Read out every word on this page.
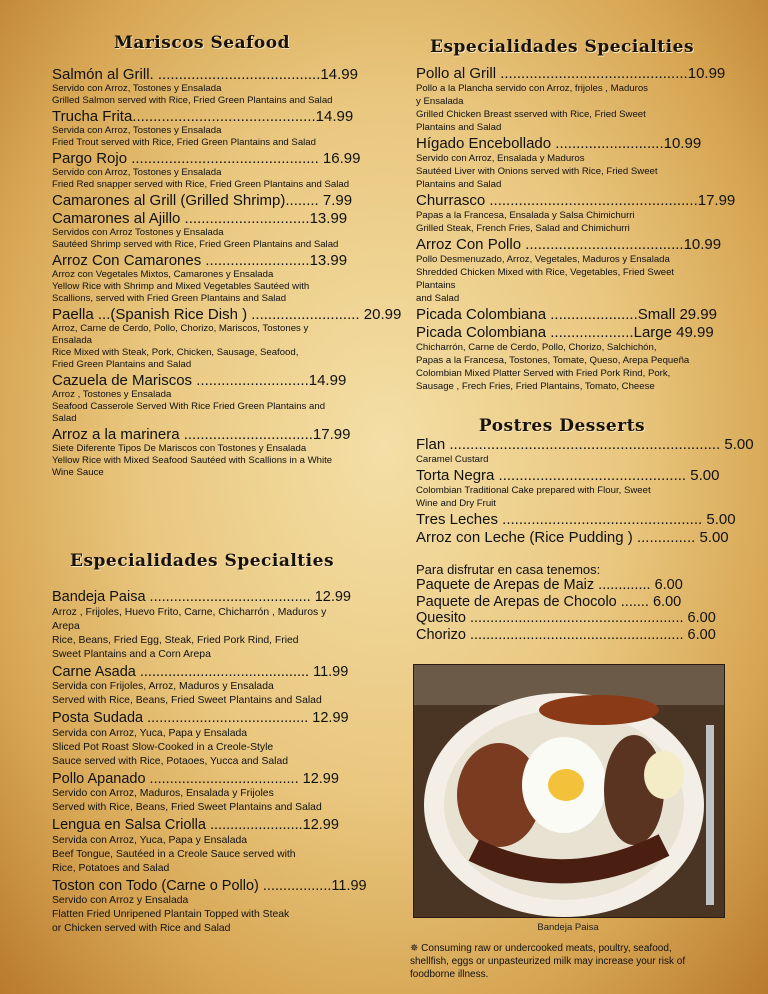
Mariscos Seafood
Salmón al Grill. .......................................14.99
Servido con Arroz, Tostones y Ensalada
Grilled Salmon served with Rice, Fried Green Plantains and Salad
Trucha Frita............................................14.99
Servida con Arroz, Tostones y Ensalada
Fried Trout served with Rice, Fried Green Plantains and Salad
Pargo Rojo ............................................. 16.99
Servido con Arroz, Tostones y Ensalada
Fried Red snapper served with Rice, Fried Green Plantains and Salad
Camarones al Grill (Grilled Shrimp)........ 7.99
Camarones al Ajillo ..............................13.99
Servidos con Arroz Tostones y Ensalada
Sautéed Shrimp served with Rice, Fried Green Plantains and Salad
Arroz Con Camarones .........................13.99
Arroz con Vegetales Mixtos, Camarones y Ensalada
Yellow Rice with Shrimp and Mixed Vegetables Sautéed with
Scallions, served with Fried Green Plantains and Salad
Paella ...(Spanish Rice Dish ) .......................... 20.99
Arroz, Carne de Cerdo, Pollo, Chorizo, Mariscos, Tostones y
Ensalada
Rice Mixed with Steak, Pork, Chicken, Sausage, Seafood,
Fried Green Plantains and Salad
Cazuela de Mariscos ...........................14.99
Arroz , Tostones y Ensalada
Seafood Casserole Served With Rice Fried Green Plantains and Salad
Arroz a la marinera ...............................17.99
Siete Diferente Tipos De Mariscos con Tostones y Ensalada
Yellow Rice with Mixed Seafood Sautéed with Scallions in a White
Wine Sauce
Especialidades Specialties
Bandeja Paisa ........................................ 12.99
Arroz , Frijoles, Huevo Frito, Carne, Chicharrón , Maduros y Arepa
Rice, Beans, Fried Egg, Steak, Fried Pork Rind, Fried
Sweet Plantains and a Corn Arepa
Carne Asada .......................................... 11.99
Servida con Frijoles, Arroz, Maduros y Ensalada
Served with Rice, Beans, Fried Sweet Plantains and Salad
Posta Sudada ........................................ 12.99
Servida con Arroz, Yuca, Papa y Ensalada
Sliced Pot Roast Slow-Cooked in a Creole-Style
Sauce served with Rice, Potaoes, Yucca and Salad
Pollo Apanado ..................................... 12.99
Servido con Arroz, Maduros, Ensalada y Frijoles
Served with Rice, Beans, Fried Sweet Plantains and Salad
Lengua en Salsa Criolla .......................12.99
Servida con Arroz, Yuca, Papa y Ensalada
Beef Tongue, Sautéed in a Creole Sauce served with
Rice, Potatoes and Salad
Toston con Todo (Carne o Pollo) .................11.99
Servido con Arroz y Ensalada
Flatten Fried Unripened Plantain Topped with Steak
or Chicken served with Rice and Salad
Especialidades Specialties
Pollo al Grill .............................................10.99
Pollo a la Plancha servido con Arroz, frijoles , Maduros
y Ensalada
Grilled Chicken Breast sserved with Rice, Fried Sweet
Plantains and Salad
Hígado Encebollado ..........................10.99
Servido con Arroz, Ensalada y Maduros
Sautéed Liver with Onions served with Rice, Fried Sweet
Plantains and Salad
Churrasco ..................................................17.99
Papas a la Francesa, Ensalada y Salsa Chimichurri
Grilled Steak, French Fries, Salad and Chimichurri
Arroz Con Pollo ......................................10.99
Pollo Desmenuzado, Arroz, Vegetales, Maduros y Ensalada
Shredded Chicken Mixed with Rice, Vegetables, Fried Sweet Plantains
and Salad
Picada Colombiana .....................Small 29.99
Picada Colombiana ....................Large 49.99
Chicharrón, Carne de Cerdo, Pollo, Chorizo, Salchichón,
Papas a la Francesa, Tostones, Tomate, Queso, Arepa Pequeña
Colombian Mixed Platter Served with Fried Pork Rind, Pork,
Sausage , Frech Fries, Fried Plantains, Tomato, Cheese
Postres Desserts
Flan ................................................................. 5.00
Caramel Custard
Torta Negra ............................................. 5.00
Colombian Traditional Cake prepared with Flour, Sweet
Wine and Dry Fruit
Tres Leches ................................................ 5.00
Arroz con Leche (Rice Pudding ) .............. 5.00
Para disfrutar en casa tenemos:
Paquete de Arepas de Maiz ............. 6.00
Paquete de Arepas de Chocolo ....... 6.00
Quesito ..................................................... 6.00
Chorizo ..................................................... 6.00
Bandeja Paisa
✵ Consuming raw or undercooked meats, poultry, seafood, shellfish, eggs or unpasteurized milk may increase your risk of foodborne illness.
